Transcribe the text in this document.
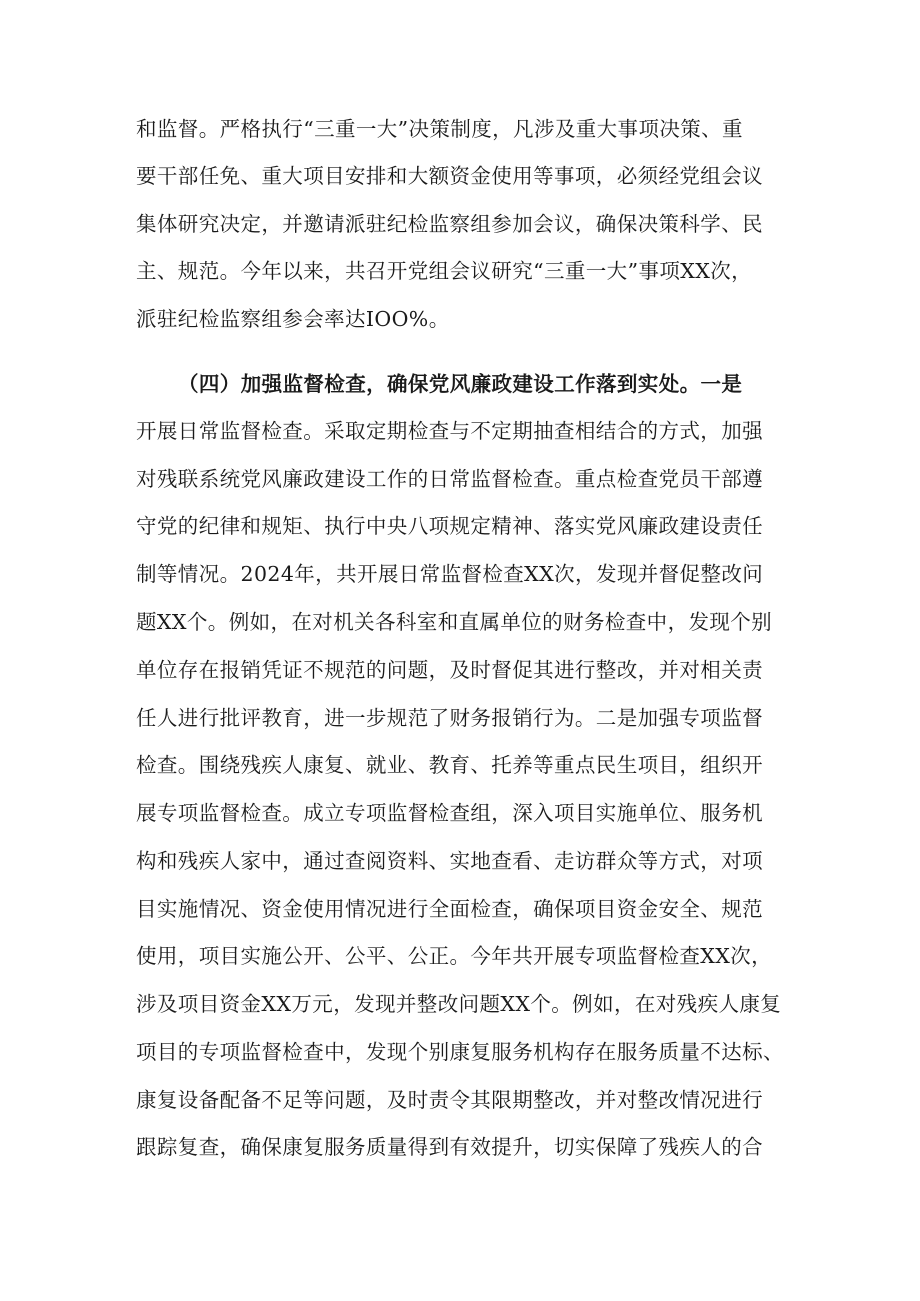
和监督。严格执行“三重一大”决策制度，凡涉及重大事项决策、重
要干部任免、重大项目安排和大额资金使用等事项，必须经党组会议
集体研究决定，并邀请派驻纪检监察组参加会议，确保决策科学、民
主、规范。今年以来，共召开党组会议研究“三重一大”事项XX次，
派驻纪检监察组参会率达IOO%。
（四）加强监督检查，确保党风廉政建设工作落到实处。一是
开展日常监督检查。采取定期检查与不定期抽查相结合的方式，加强
对残联系统党风廉政建设工作的日常监督检查。重点检查党员干部遵
守党的纪律和规矩、执行中央八项规定精神、落实党风廉政建设责任
制等情况。2024年，共开展日常监督检查XX次，发现并督促整改问
题XX个。例如，在对机关各科室和直属单位的财务检查中，发现个别
单位存在报销凭证不规范的问题，及时督促其进行整改，并对相关责
任人进行批评教育，进一步规范了财务报销行为。二是加强专项监督
检查。围绕残疾人康复、就业、教育、托养等重点民生项目，组织开
展专项监督检查。成立专项监督检查组，深入项目实施单位、服务机
构和残疾人家中，通过查阅资料、实地查看、走访群众等方式，对项
目实施情况、资金使用情况进行全面检查，确保项目资金安全、规范
使用，项目实施公开、公平、公正。今年共开展专项监督检查XX次，
涉及项目资金XX万元，发现并整改问题XX个。例如，在对残疾人康复
项目的专项监督检查中，发现个别康复服务机构存在服务质量不达标、
康复设备配备不足等问题，及时责令其限期整改，并对整改情况进行
跟踪复查，确保康复服务质量得到有效提升，切实保障了残疾人的合
